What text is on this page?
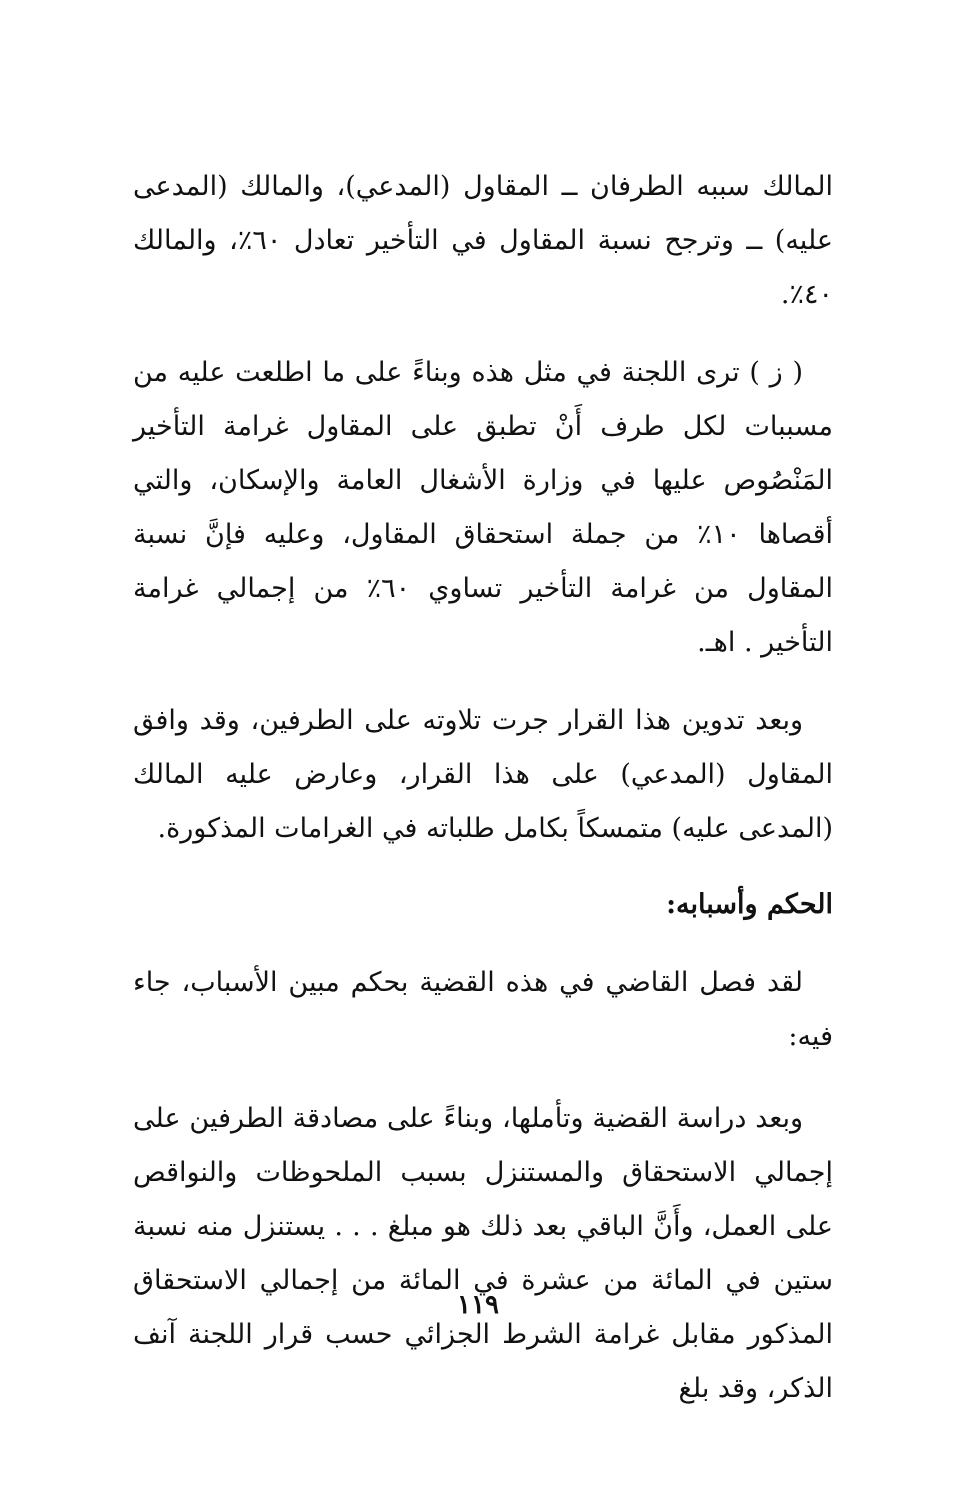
المالك سببه الطرفان ــ المقاول (المدعي)، والمالك (المدعى عليه) ــ وترجح نسبة المقاول في التأخير تعادل ٦٠٪، والمالك ٤٠٪.

( ز ) ترى اللجنة في مثل هذه وبناءً على ما اطلعت عليه من مسببات لكل طرف أَنْ تطبق على المقاول غرامة التأخير المَنْصُوص عليها في وزارة الأشغال العامة والإسكان، والتي أقصاها ١٠٪ من جملة استحقاق المقاول، وعليه فإنَّ نسبة المقاول من غرامة التأخير تساوي ٦٠٪ من إجمالي غرامة التأخير . اهـ.

وبعد تدوين هذا القرار جرت تلاوته على الطرفين، وقد وافق المقاول (المدعي) على هذا القرار، وعارض عليه المالك (المدعى عليه) متمسكاً بكامل طلباته في الغرامات المذكورة.

الحكم وأسبابه:

لقد فصل القاضي في هذه القضية بحكم مبين الأسباب، جاء فيه:

وبعد دراسة القضية وتأملها، وبناءً على مصادقة الطرفين على إجمالي الاستحقاق والمستنزل بسبب الملحوظات والنواقص على العمل، وأَنَّ الباقي بعد ذلك هو مبلغ . . . يستنزل منه نسبة ستين في المائة من عشرة في المائة من إجمالي الاستحقاق المذكور مقابل غرامة الشرط الجزائي حسب قرار اللجنة آنف الذكر، وقد بلغ

١١٩
